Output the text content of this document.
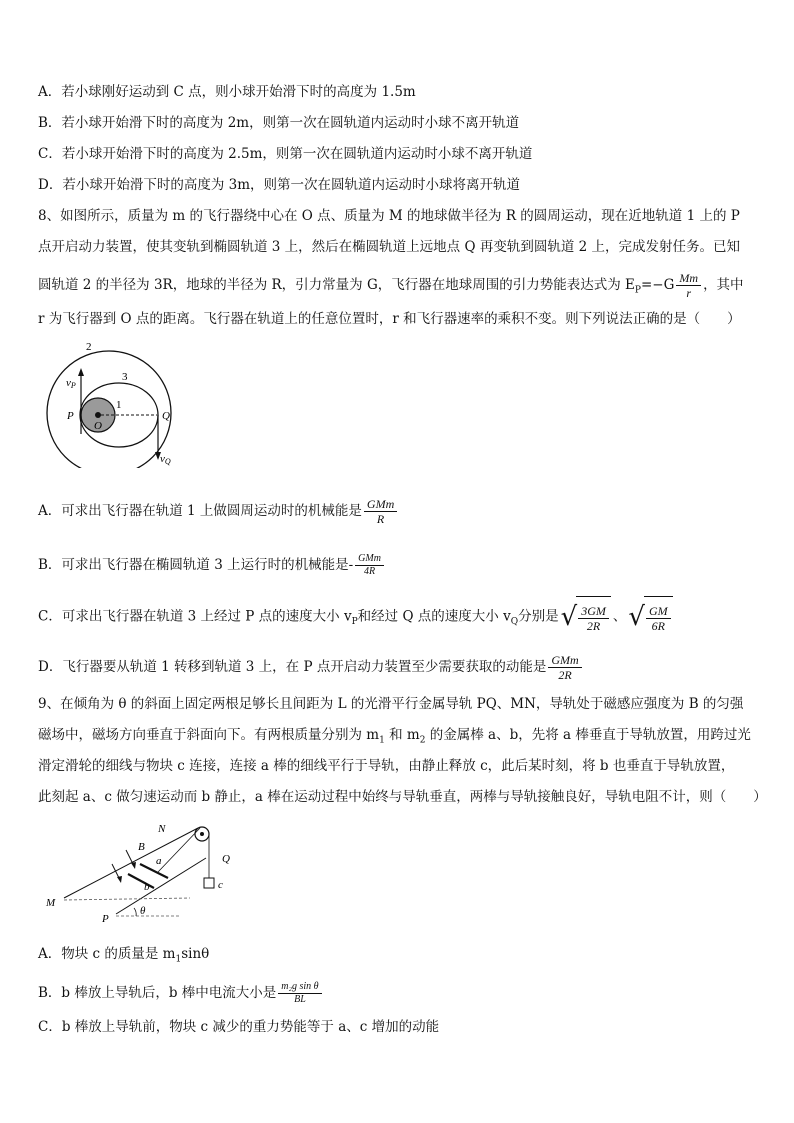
A．若小球刚好运动到 C 点，则小球开始滑下时的高度为 1.5m
B．若小球开始滑下时的高度为 2m，则第一次在圆轨道内运动时小球不离开轨道
C．若小球开始滑下时的高度为 2.5m，则第一次在圆轨道内运动时小球不离开轨道
D．若小球开始滑下时的高度为 3m，则第一次在圆轨道内运动时小球将离开轨道
8、如图所示，质量为 m 的飞行器绕中心在 O 点、质量为 M 的地球做半径为 R 的圆周运动，现在近地轨道 1 上的 P
点开启动力装置，使其变轨到椭圆轨道 3 上，然后在椭圆轨道上远地点 Q 再变轨到圆轨道 2 上，完成发射任务。已知
圆轨道 2 的半径为 3R，地球的半径为 R，引力常量为 G，飞行器在地球周围的引力势能表达式为 $E_P=-G \frac{Mm}{r}$ ，其中
r 为飞行器到 O 点的距离。飞行器在轨道上的任意位置时，r 和飞行器速率的乘积不变。则下列说法正确的是（　　）
2
3
1
vP
P
O
Q
vQ
A．可求出飞行器在轨道 1 上做圆周运动时的机械能是 $\frac{\text{GMm}}{R}$
B．可求出飞行器在椭圆轨道 3 上运行时的机械能是- $\frac{\text{GMm}}{4R}$
C．可求出飞行器在轨道 3 上经过 P 点的速度大小 $v_P$和经过 Q 点的速度大小 $v_Q$分别是 √ $\frac{3GM}{2R}$ 、 √ $\frac{GM}{6R}$
D．飞行器要从轨道 1 转移到轨道 3 上，在 P 点开启动力装置至少需要获取的动能是 $\frac{\text{GMm}}{2R}$
9、在倾角为 θ 的斜面上固定两根足够长且间距为 L 的光滑平行金属导轨 PQ、MN，导轨处于磁感应强度为 B 的匀强
磁场中，磁场方向垂直于斜面向下。有两根质量分别为 $m_1$ 和 $m_2$ 的金属棒 a、b，先将 a 棒垂直于导轨放置，用跨过光
滑定滑轮的细线与物块 c 连接，连接 a 棒的细线平行于导轨，由静止释放 c，此后某时刻，将 b 也垂直于导轨放置，
此刻起 a、c 做匀速运动而 b 静止，a 棒在运动过程中始终与导轨垂直，两棒与导轨接触良好，导轨电阻不计，则（　　）
N
B
a
b
Q
c
M
P
θ
A．物块 c 的质量是 $m_1\sin\theta$
B．b 棒放上导轨后，b 棒中电流大小是 $\frac{\text{m₂g sin θ}}{BL}$
C．b 棒放上导轨前，物块 c 减少的重力势能等于 a、c 增加的动能
